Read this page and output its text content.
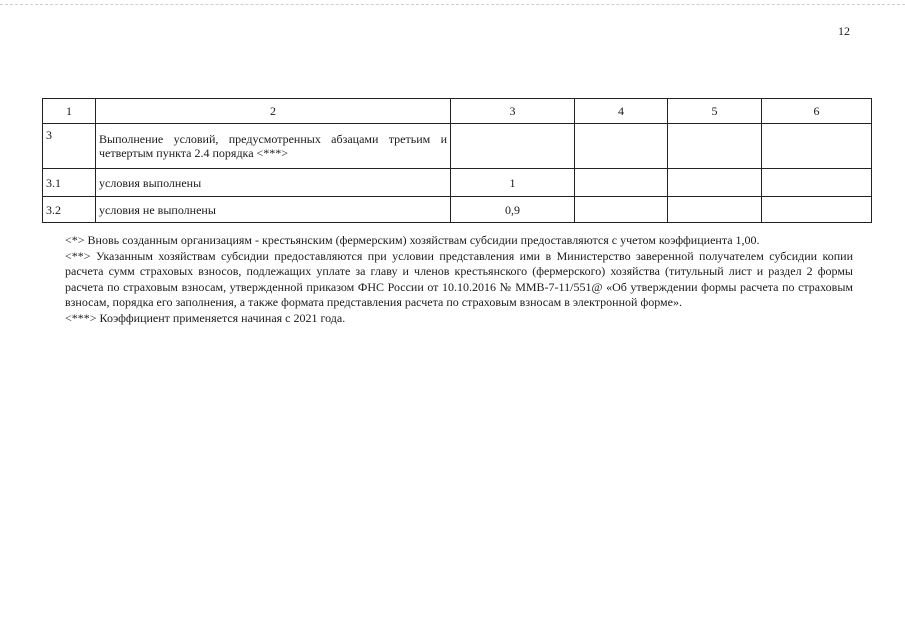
12
1	2	3	4	5	6
3	Выполнение условий, предусмотренных абзацами третьим и четвертым пункта 2.4 порядка <***>				
3.1	условия выполнены	1			
3.2	условия не выполнены	0,9			

<*> Вновь созданным организациям - крестьянским (фермерским) хозяйствам субсидии предоставляются с учетом коэффициента 1,00.

<**> Указанным хозяйствам субсидии предоставляются при условии представления ими в Министерство заверенной получателем субсидии копии расчета сумм страховых взносов, подлежащих уплате за главу и членов крестьянского (фермерского) хозяйства (титульный лист и раздел 2 формы расчета по страховым взносам, утвержденной приказом ФНС России от 10.10.2016 № ММВ-7-11/551@ «Об утверждении формы расчета по страховым взносам, порядка его заполнения, а также формата представления расчета по страховым взносам в электронной форме».

<***> Коэффициент применяется начиная с 2021 года.
